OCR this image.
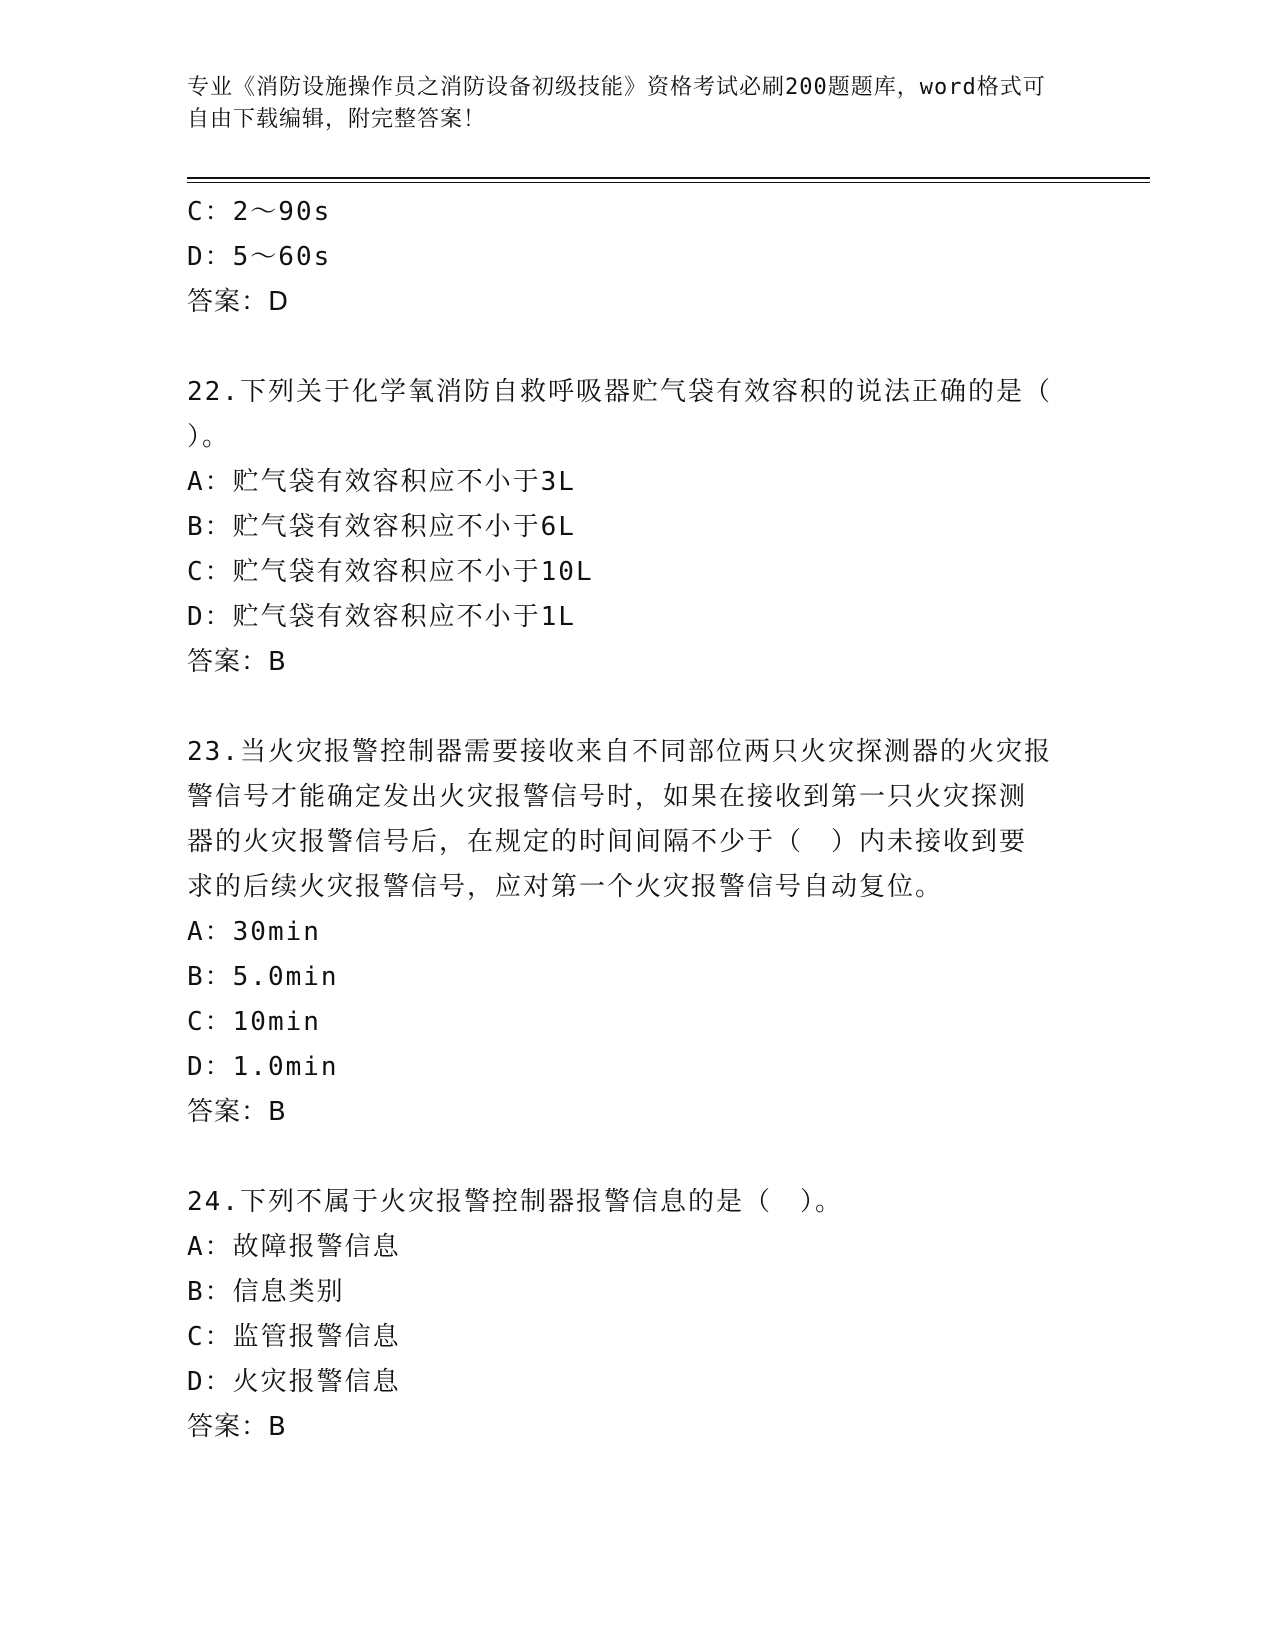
专业《消防设施操作员之消防设备初级技能》资格考试必刷200题题库，word格式可自由下载编辑，附完整答案！
C：2～90s
D：5～60s
答案：D
22.下列关于化学氧消防自救呼吸器贮气袋有效容积的说法正确的是（
）。
A：贮气袋有效容积应不小于3L
B：贮气袋有效容积应不小于6L
C：贮气袋有效容积应不小于10L
D：贮气袋有效容积应不小于1L
答案：B
23.当火灾报警控制器需要接收来自不同部位两只火灾探测器的火灾报
警信号才能确定发出火灾报警信号时，如果在接收到第一只火灾探测
器的火灾报警信号后，在规定的时间间隔不少于（　）内未接收到要
求的后续火灾报警信号，应对第一个火灾报警信号自动复位。
A：30min
B：5.0min
C：10min
D：1.0min
答案：B
24.下列不属于火灾报警控制器报警信息的是（　）。
A：故障报警信息
B：信息类别
C：监管报警信息
D：火灾报警信息
答案：B
